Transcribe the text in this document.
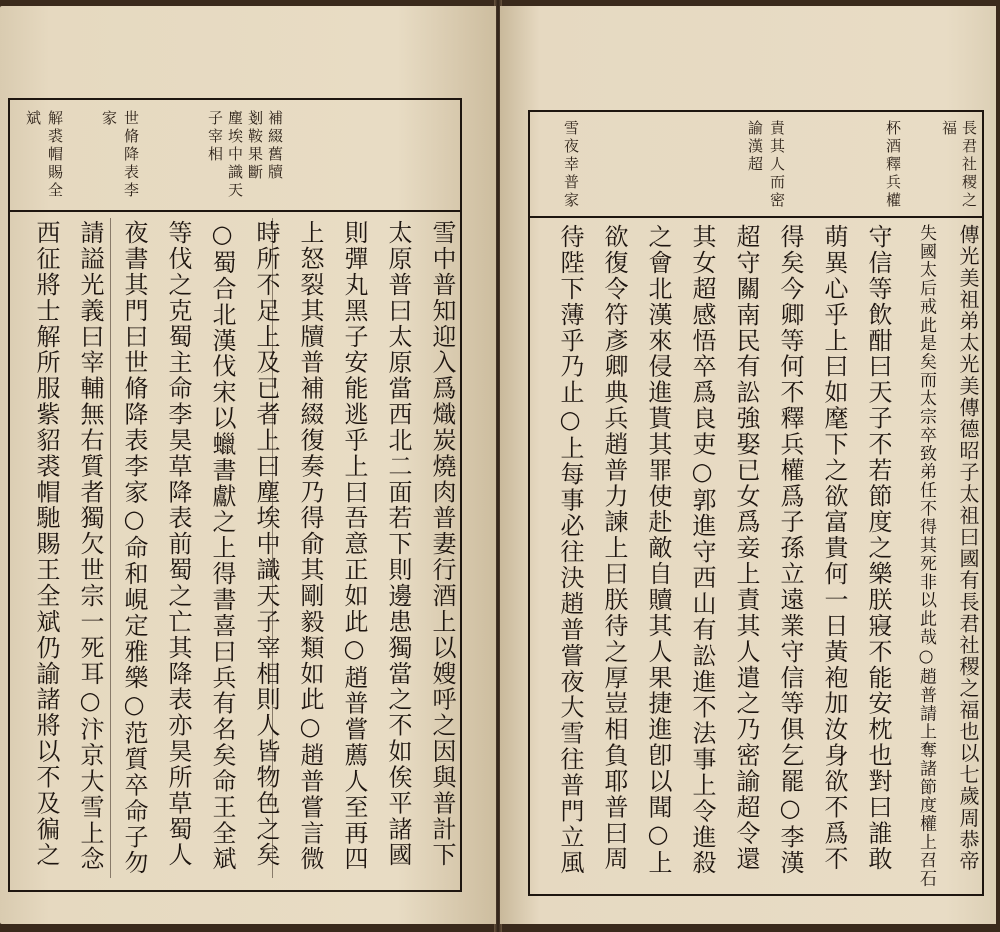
補綴舊牘
剗鞍果斷
塵埃中識天
子宰相
世脩降表李
家
解裘帽賜全
斌
雪中普知迎入爲熾炭燒肉普妻行酒上以嫂呼之因與普計下
太原普曰太原當西北二面若下則邊患獨當之不如俟平諸國
則彈丸黑子安能逃乎上曰吾意正如此○趙普嘗薦人至再四
上怒裂其牘普補綴復奏乃得俞其剛毅類如此○趙普嘗言微
時所不足上及已者上曰塵埃中識天子宰相則人皆物色之矣
○蜀合北漢伐宋以蠟書獻之上得書喜曰兵有名矣命王全斌
等伐之克蜀主命李昊草降表前蜀之亡其降表亦昊所草蜀人
夜書其門曰世脩降表李家○命和峴定雅樂○范質卒命子勿
請謚光義曰宰輔無右質者獨欠世宗一死耳○汴京大雪上念
西征將士解所服紫貂裘帽馳賜王全斌仍諭諸將以不及徧之
長君社稷之
福
杯酒釋兵權
責其人而密
諭漢超
雪夜幸普家
傳光美祖弟太光美傳德昭子太祖曰國有長君社稷之福也以七歲周恭帝
失國太后戒此是矣而太宗卒致弟任不得其死非以此哉○趙普請上奪諸節度權上召石
守信等飲酣曰天子不若節度之樂朕寢不能安枕也對曰誰敢
萌異心乎上曰如麾下之欲富貴何一日黃袍加汝身欲不爲不
得矣今卿等何不釋兵權爲子孫立遠業守信等俱乞罷○李漢
超守關南民有訟強娶已女爲妾上責其人遣之乃密諭超令還
其女超感悟卒爲良吏○郭進守西山有訟進不法事上令進殺
之會北漢來侵進貰其罪使赴敵自贖其人果捷進卽以聞○上
欲復令符彥卿典兵趙普力諫上曰朕待之厚豈相負耶普曰周
待陛下薄乎乃止○上每事必往決趙普嘗夜大雪往普門立風
